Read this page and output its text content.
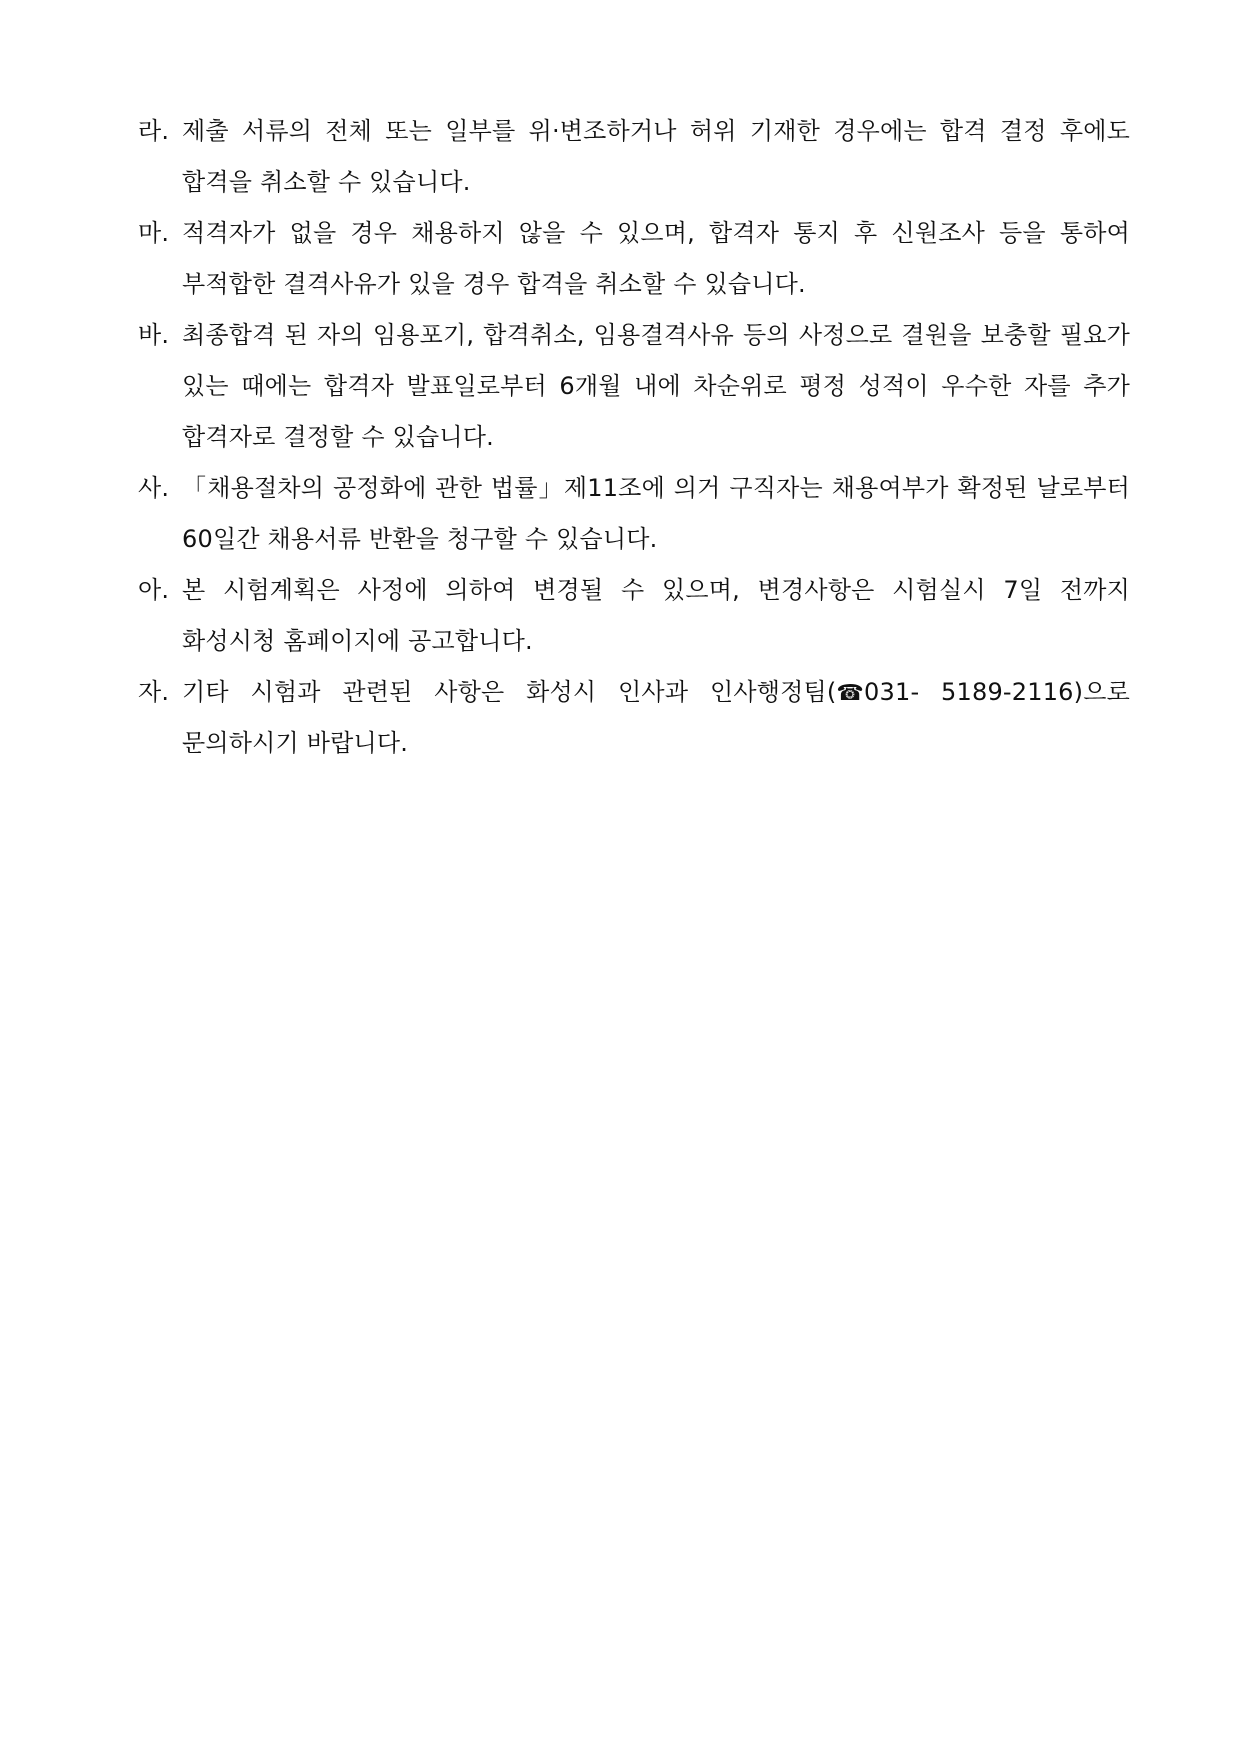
라. 제출 서류의 전체 또는 일부를 위·변조하거나 허위 기재한 경우에는 합격 결정 후에도 합격을 취소할 수 있습니다.
마. 적격자가 없을 경우 채용하지 않을 수 있으며, 합격자 통지 후 신원조사 등을 통하여 부적합한 결격사유가 있을 경우 합격을 취소할 수 있습니다.
바. 최종합격 된 자의 임용포기, 합격취소, 임용결격사유 등의 사정으로 결원을 보충할 필요가 있는 때에는 합격자 발표일로부터 6개월 내에 차순위로 평정 성적이 우수한 자를 추가 합격자로 결정할 수 있습니다.
사. 「채용절차의 공정화에 관한 법률」제11조에 의거 구직자는 채용여부가 확정된 날로부터 60일간 채용서류 반환을 청구할 수 있습니다.
아. 본 시험계획은 사정에 의하여 변경될 수 있으며, 변경사항은 시험실시 7일 전까지 화성시청 홈페이지에 공고합니다.
자. 기타 시험과 관련된 사항은 화성시 인사과 인사행정팀(☎031- 5189-2116)으로 문의하시기 바랍니다.
